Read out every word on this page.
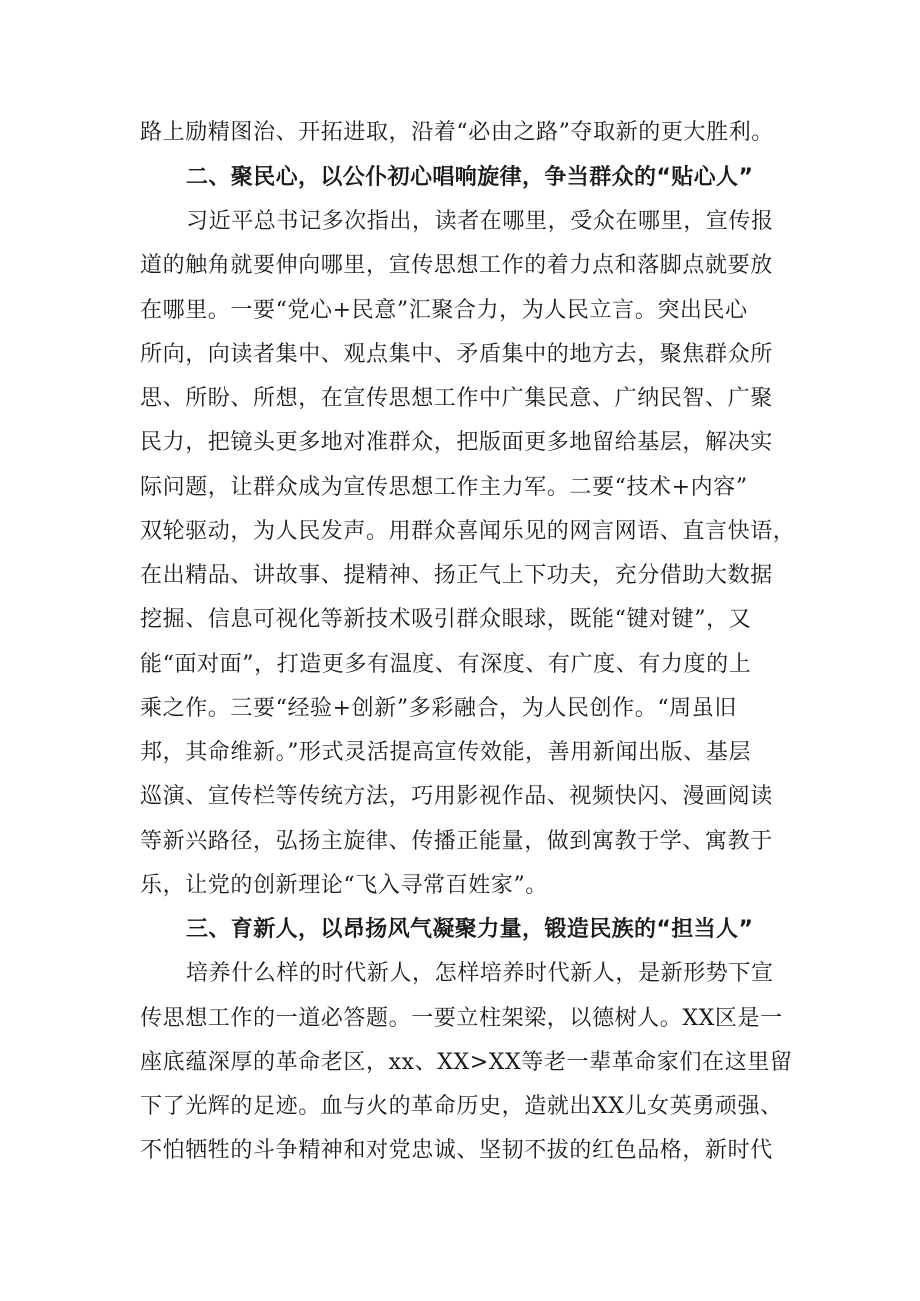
路上励精图治、开拓进取，沿着“必由之路”夺取新的更大胜利。
二、聚民心，以公仆初心唱响旋律，争当群众的“贴心人”
习近平总书记多次指出，读者在哪里，受众在哪里，宣传报
道的触角就要伸向哪里，宣传思想工作的着力点和落脚点就要放
在哪里。一要“党心+民意”汇聚合力，为人民立言。突出民心
所向，向读者集中、观点集中、矛盾集中的地方去，聚焦群众所
思、所盼、所想，在宣传思想工作中广集民意、广纳民智、广聚
民力，把镜头更多地对准群众，把版面更多地留给基层，解决实
际问题，让群众成为宣传思想工作主力军。二要“技术+内容”
双轮驱动，为人民发声。用群众喜闻乐见的网言网语、直言快语，
在出精品、讲故事、提精神、扬正气上下功夫，充分借助大数据
挖掘、信息可视化等新技术吸引群众眼球，既能“键对键”，又
能“面对面”，打造更多有温度、有深度、有广度、有力度的上
乘之作。三要“经验+创新”多彩融合，为人民创作。“周虽旧
邦，其命维新。”形式灵活提高宣传效能，善用新闻出版、基层
巡演、宣传栏等传统方法，巧用影视作品、视频快闪、漫画阅读
等新兴路径，弘扬主旋律、传播正能量，做到寓教于学、寓教于
乐，让党的创新理论“飞入寻常百姓家”。
三、育新人，以昂扬风气凝聚力量，锻造民族的“担当人”
培养什么样的时代新人，怎样培养时代新人，是新形势下宣
传思想工作的一道必答题。一要立柱架梁，以德树人。XX区是一
座底蕴深厚的革命老区，xx、XX>XX等老一辈革命家们在这里留
下了光辉的足迹。血与火的革命历史，造就出XX儿女英勇顽强、
不怕牺牲的斗争精神和对党忠诚、坚韧不拔的红色品格，新时代
